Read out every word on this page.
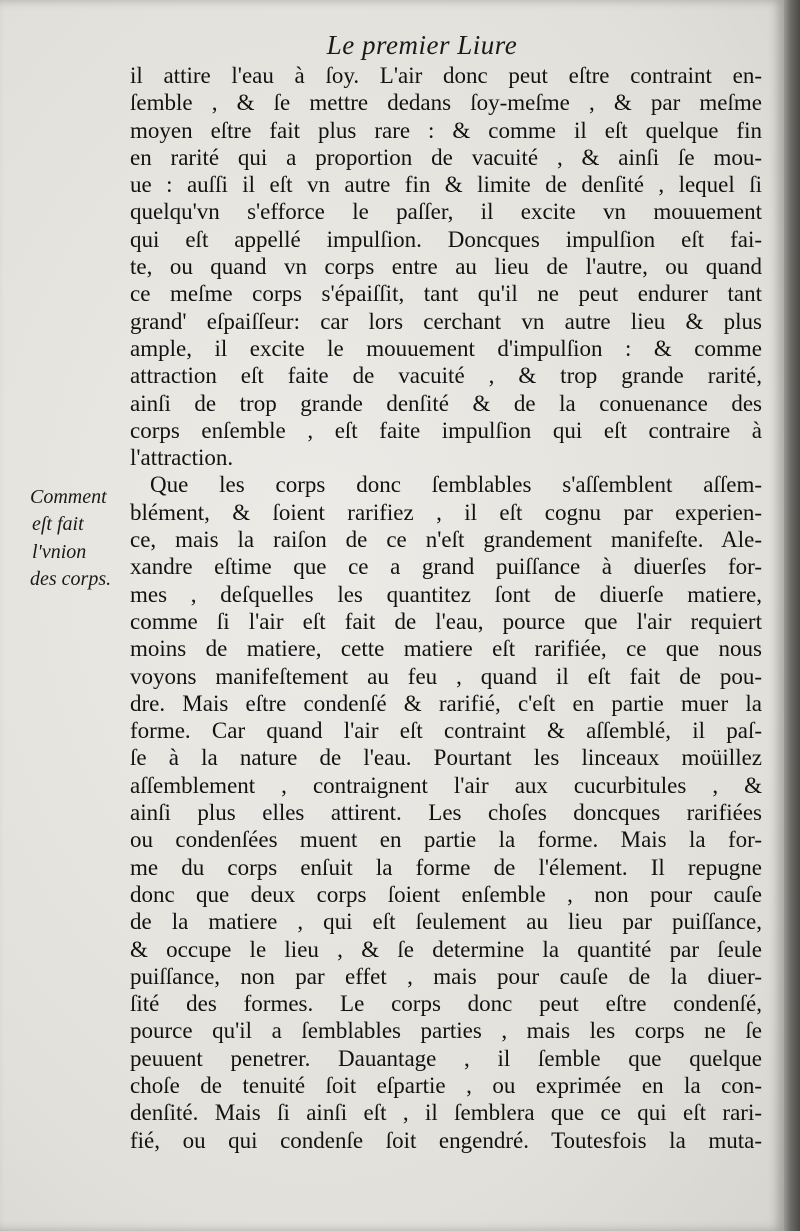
Le premier Liure
Comment
eſt fait
l'vnion
des corps.
il attire l'eau à ſoy. L'air donc peut eſtre contraint en-
ſemble , & ſe mettre dedans ſoy-meſme , & par meſme
moyen eſtre fait plus rare : & comme il eſt quelque fin
en rarité qui a proportion de vacuité , & ainſi ſe mou-
ue : auſſi il eſt vn autre fin & limite de denſité , lequel ſi
quelqu'vn s'efforce le paſſer, il excite vn mouuement
qui eſt appellé impulſion. Doncques impulſion eſt fai-
te, ou quand vn corps entre au lieu de l'autre, ou quand
ce meſme corps s'épaiſſit, tant qu'il ne peut endurer tant
grand' eſpaiſſeur: car lors cerchant vn autre lieu & plus
ample, il excite le mouuement d'impulſion : & comme
attraction eſt faite de vacuité , & trop grande rarité,
ainſi de trop grande denſité & de la conuenance des
corps enſemble , eſt faite impulſion qui eſt contraire à
l'attraction.
Que les corps donc ſemblables s'aſſemblent aſſem-
blément, & ſoient rarifiez , il eſt cognu par experien-
ce, mais la raiſon de ce n'eſt grandement manifeſte. Ale-
xandre eſtime que ce a grand puiſſance à diuerſes for-
mes , deſquelles les quantitez ſont de diuerſe matiere,
comme ſi l'air eſt fait de l'eau, pource que l'air requiert
moins de matiere, cette matiere eſt rarifiée, ce que nous
voyons manifeſtement au feu , quand il eſt fait de pou-
dre. Mais eſtre condenſé & rarifié, c'eſt en partie muer la
forme. Car quand l'air eſt contraint & aſſemblé, il paſ-
ſe à la nature de l'eau. Pourtant les linceaux moüillez
aſſemblement , contraignent l'air aux cucurbitules , &
ainſi plus elles attirent. Les choſes doncques rarifiées
ou condenſées muent en partie la forme. Mais la for-
me du corps enſuit la forme de l'élement. Il repugne
donc que deux corps ſoient enſemble , non pour cauſe
de la matiere , qui eſt ſeulement au lieu par puiſſance,
& occupe le lieu , & ſe determine la quantité par ſeule
puiſſance, non par effet , mais pour cauſe de la diuer-
ſité des formes. Le corps donc peut eſtre condenſé,
pource qu'il a ſemblables parties , mais les corps ne ſe
peuuent penetrer. Dauantage , il ſemble que quelque
choſe de tenuité ſoit eſpartie , ou exprimée en la con-
denſité. Mais ſi ainſi eſt , il ſemblera que ce qui eſt rari-
fié, ou qui condenſe ſoit engendré. Toutesfois la muta-
